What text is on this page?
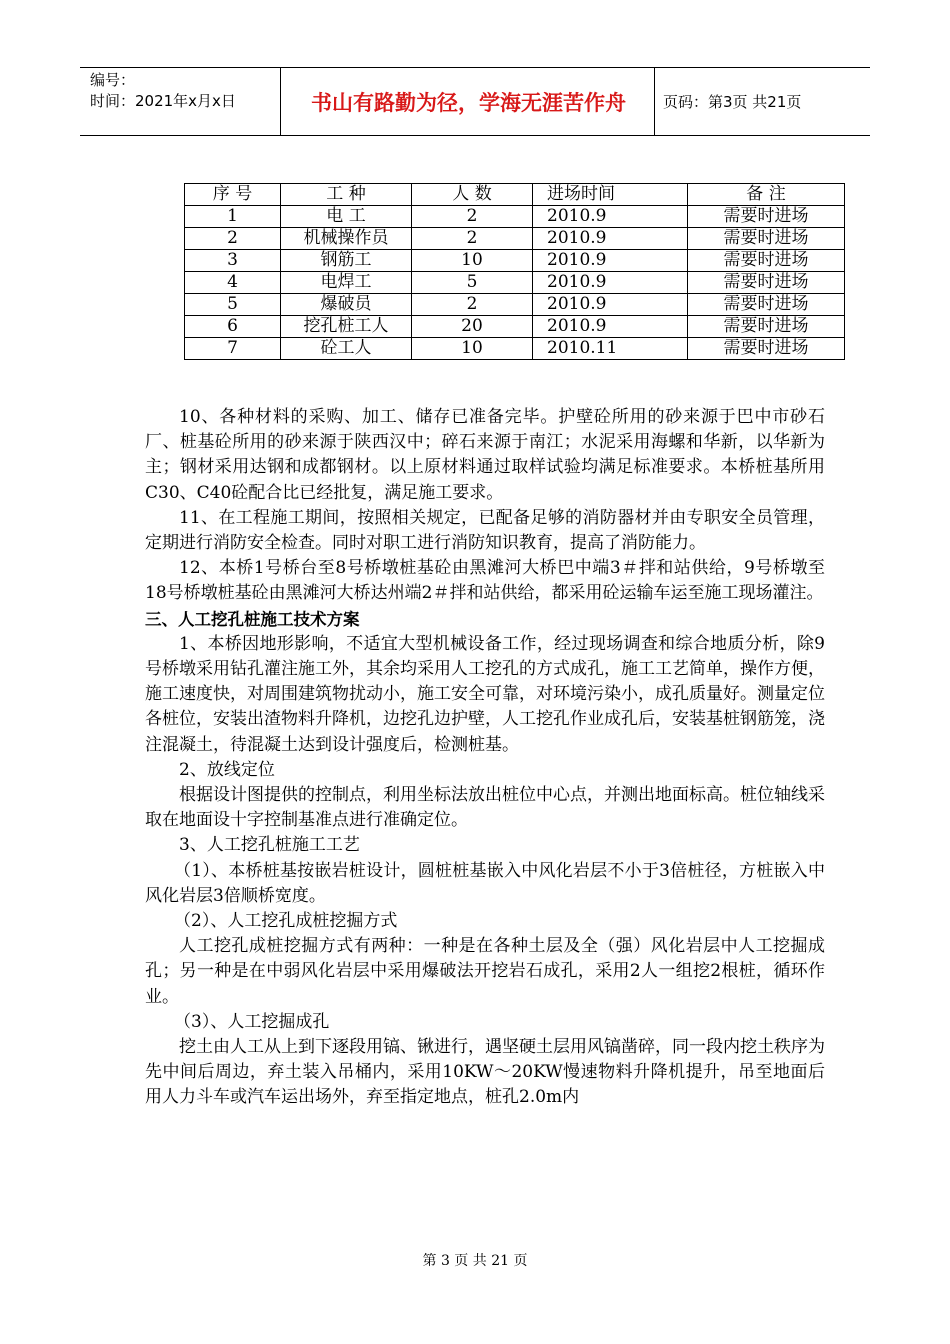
编号：
时间：2021年x月x日	书山有路勤为径，学海无涯苦作舟	页码：第3页 共21页
序 号	工 种	人 数	进场时间	备 注
1	电 工	2	2010.9	需要时进场
2	机械操作员	2	2010.9	需要时进场
3	钢筋工	10	2010.9	需要时进场
4	电焊工	5	2010.9	需要时进场
5	爆破员	2	2010.9	需要时进场
6	挖孔桩工人	20	2010.9	需要时进场
7	砼工人	10	2010.11	需要时进场

10、各种材料的采购、加工、储存已准备完毕。护壁砼所用的砂来源于巴中市砂石厂、桩基砼所用的砂来源于陕西汉中；碎石来源于南江；水泥采用海螺和华新，以华新为主；钢材采用达钢和成都钢材。以上原材料通过取样试验均满足标准要求。本桥桩基所用C30、C40砼配合比已经批复，满足施工要求。

11、在工程施工期间，按照相关规定，已配备足够的消防器材并由专职安全员管理，定期进行消防安全检查。同时对职工进行消防知识教育，提高了消防能力。

12、本桥1号桥台至8号桥墩桩基砼由黑滩河大桥巴中端3＃拌和站供给，9号桥墩至18号桥墩桩基砼由黑滩河大桥达州端2＃拌和站供给，都采用砼运输车运至施工现场灌注。

三、人工挖孔桩施工技术方案

1、本桥因地形影响，不适宜大型机械设备工作，经过现场调查和综合地质分析，除9号桥墩采用钻孔灌注施工外，其余均采用人工挖孔的方式成孔，施工工艺简单，操作方便，施工速度快，对周围建筑物扰动小，施工安全可靠，对环境污染小，成孔质量好。测量定位各桩位，安装出渣物料升降机，边挖孔边护壁，人工挖孔作业成孔后，安装基桩钢筋笼，浇注混凝土，待混凝土达到设计强度后，检测桩基。

2、放线定位

根据设计图提供的控制点，利用坐标法放出桩位中心点，并测出地面标高。桩位轴线采取在地面设十字控制基准点进行准确定位。

3、人工挖孔桩施工工艺

（1）、本桥桩基按嵌岩桩设计，圆桩桩基嵌入中风化岩层不小于3倍桩径，方桩嵌入中风化岩层3倍顺桥宽度。

（2）、人工挖孔成桩挖掘方式

人工挖孔成桩挖掘方式有两种：一种是在各种土层及全（强）风化岩层中人工挖掘成孔；另一种是在中弱风化岩层中采用爆破法开挖岩石成孔，采用2人一组挖2根桩，循环作业。

（3）、人工挖掘成孔

挖土由人工从上到下逐段用镐、锹进行，遇坚硬土层用风镐凿碎，同一段内挖土秩序为先中间后周边，弃土装入吊桶内，采用10KW～20KW慢速物料升降机提升，吊至地面后用人力斗车或汽车运出场外，弃至指定地点，桩孔2.0m内

第 3 页 共 21 页
